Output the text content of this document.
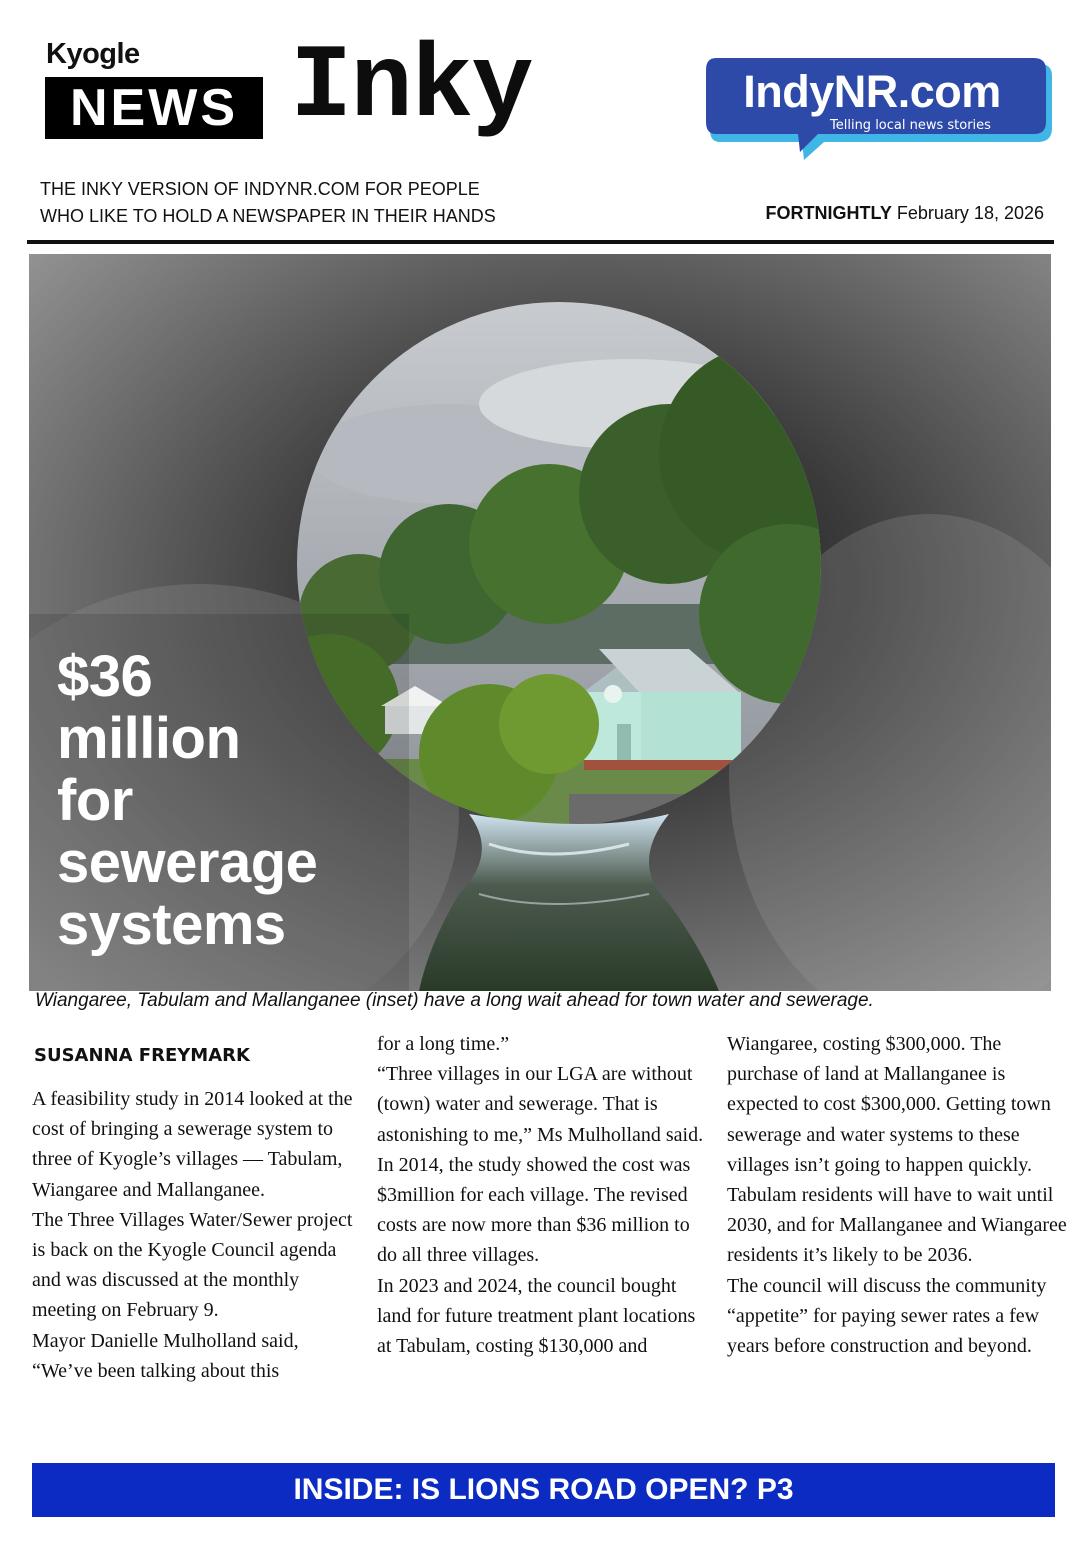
Kyogle
NEWS Inky	IndyNR.com
Telling local news stories
THE INKY VERSION OF INDYNR.COM FOR PEOPLE
WHO LIKE TO HOLD A NEWSPAPER IN THEIR HANDS	FORTNIGHTLY February 18, 2026
$36
million
for
sewerage
systems
Wiangaree, Tabulam and Mallanganee (inset) have a long wait ahead for town water and sewerage.
SUSANNA FREYMARK

A feasibility study in 2014 looked at the cost of bringing a sewerage system to three of Kyogle’s villages — Tabulam, Wiangaree and Mallanganee.

The Three Villages Water/Sewer project is back on the Kyogle Council agenda and was discussed at the monthly meeting on February 9.

Mayor Danielle Mulholland said, “We’ve been talking about this

for a long time.”

“Three villages in our LGA are without (town) water and sewerage. That is astonishing to me,” Ms Mulholland said.

In 2014, the study showed the cost was $3million for each village. The revised costs are now more than $36 million to do all three villages.

In 2023 and 2024, the council bought land for future treatment plant locations at Tabulam, costing $130,000 and

Wiangaree, costing $300,000. The purchase of land at Mallanganee is expected to cost $300,000. Getting town sewerage and water systems to these villages isn’t going to happen quickly. Tabulam residents will have to wait until 2030, and for Mallanganee and Wiangaree residents it’s likely to be 2036.

The council will discuss the community “appetite” for paying sewer rates a few years before construction and beyond.

INSIDE: IS LIONS ROAD OPEN? P3
